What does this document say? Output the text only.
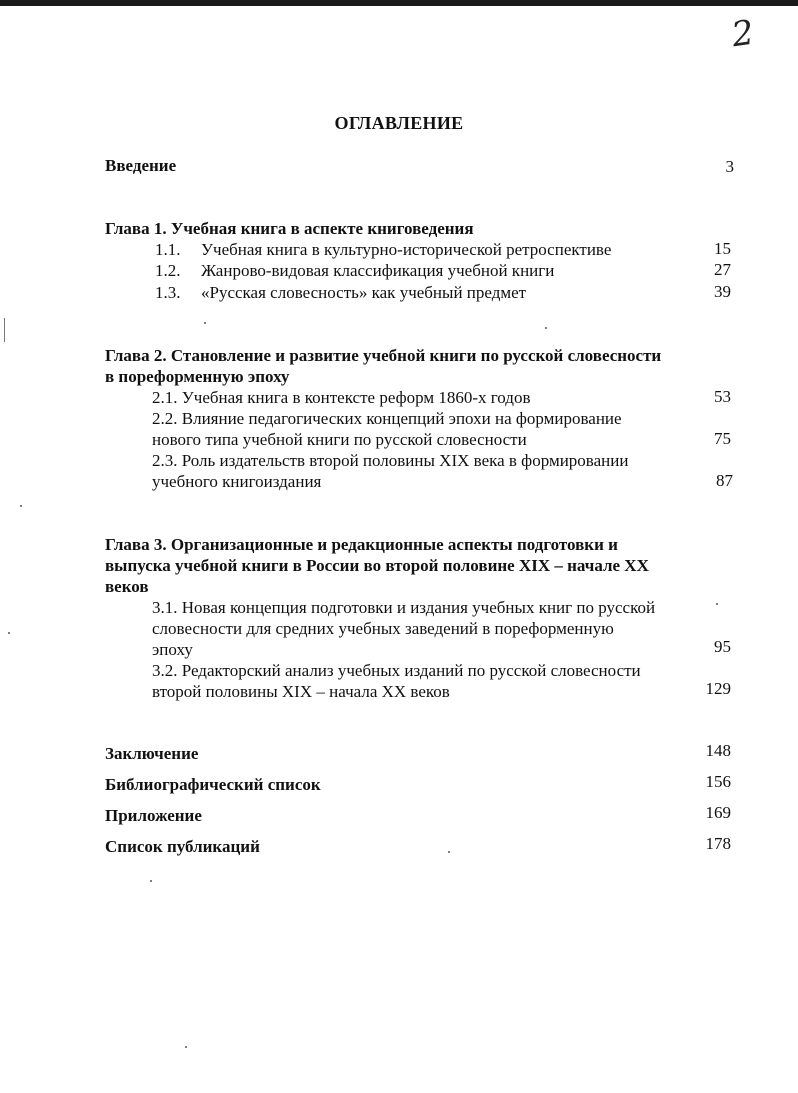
2
ОГЛАВЛЕНИЕ
Введение	3
Глава 1. Учебная книга в аспекте книговедения
1.1. Учебная книга в культурно-исторической ретроспективе	15
1.2. Жанрово-видовая классификация учебной книги	27
1.3. «Русская словесность» как учебный предмет	39
Глава 2. Становление и развитие учебной книги по русской словесности
в пореформенную эпоху
2.1. Учебная книга в контексте реформ 1860-х годов	53
2.2. Влияние педагогических концепций эпохи на формирование
нового типа учебной книги по русской словесности	75
2.3. Роль издательств второй половины XIX века в формировании
учебного книгоиздания	87
Глава 3. Организационные и редакционные аспекты подготовки и
выпуска учебной книги в России во второй половине XIX – начале XX
веков
3.1. Новая концепция подготовки и издания учебных книг по русской
словесности для средних учебных заведений в пореформенную
эпоху	95
3.2. Редакторский анализ учебных изданий по русской словесности
второй половины XIX – начала XX веков	129
Заключение	148
Библиографический список	156
Приложение	169
Список публикаций	178
